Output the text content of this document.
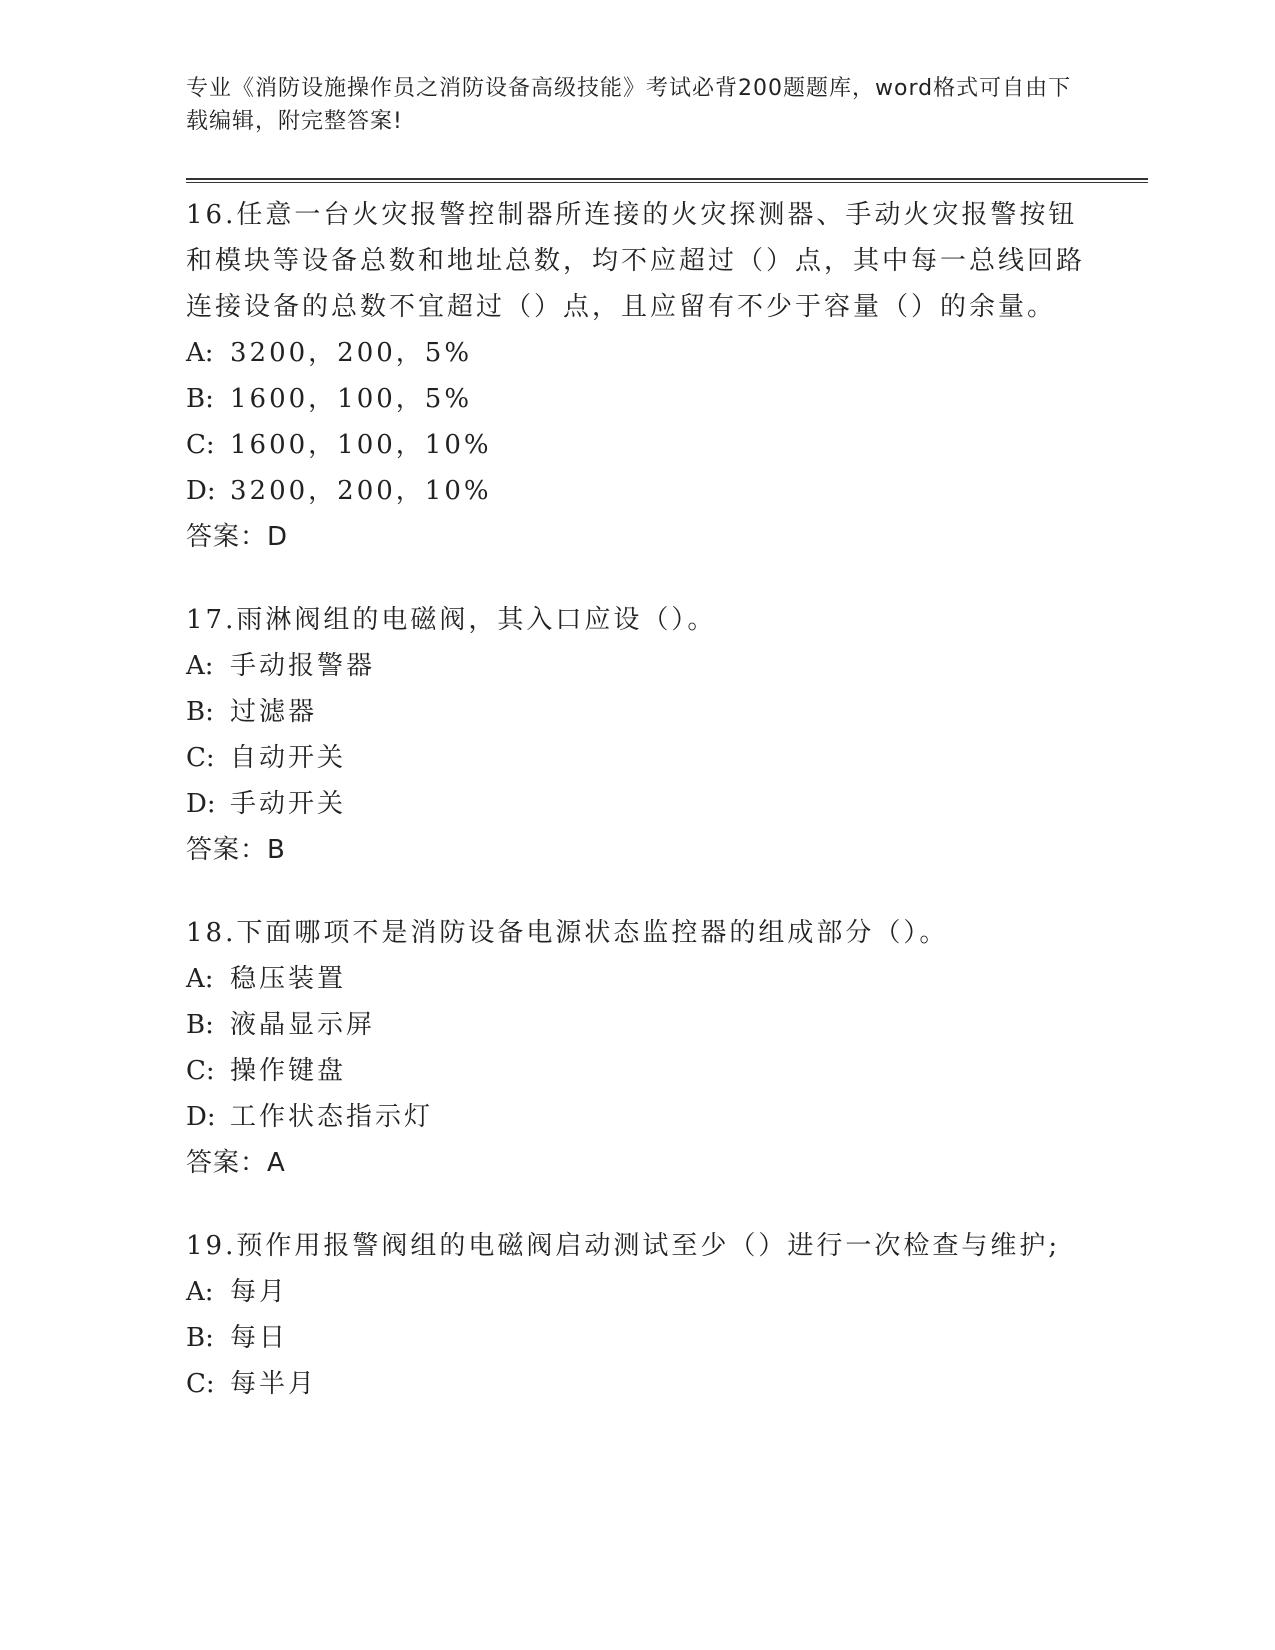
专业《消防设施操作员之消防设备高级技能》考试必背200题题库，word格式可自由下载编辑，附完整答案!
16.任意一台火灾报警控制器所连接的火灾探测器、手动火灾报警按钮和模块等设备总数和地址总数，均不应超过（）点，其中每一总线回路连接设备的总数不宜超过（）点，且应留有不少于容量（）的余量。
A: 3200，200，5%
B: 1600，100，5%
C: 1600，100，10%
D: 3200，200，10%
答案：D
17.雨淋阀组的电磁阀，其入口应设（）。
A: 手动报警器
B: 过滤器
C: 自动开关
D: 手动开关
答案：B
18.下面哪项不是消防设备电源状态监控器的组成部分（）。
A: 稳压装置
B: 液晶显示屏
C: 操作键盘
D: 工作状态指示灯
答案：A
19.预作用报警阀组的电磁阀启动测试至少（）进行一次检查与维护;
A: 每月
B: 每日
C: 每半月
